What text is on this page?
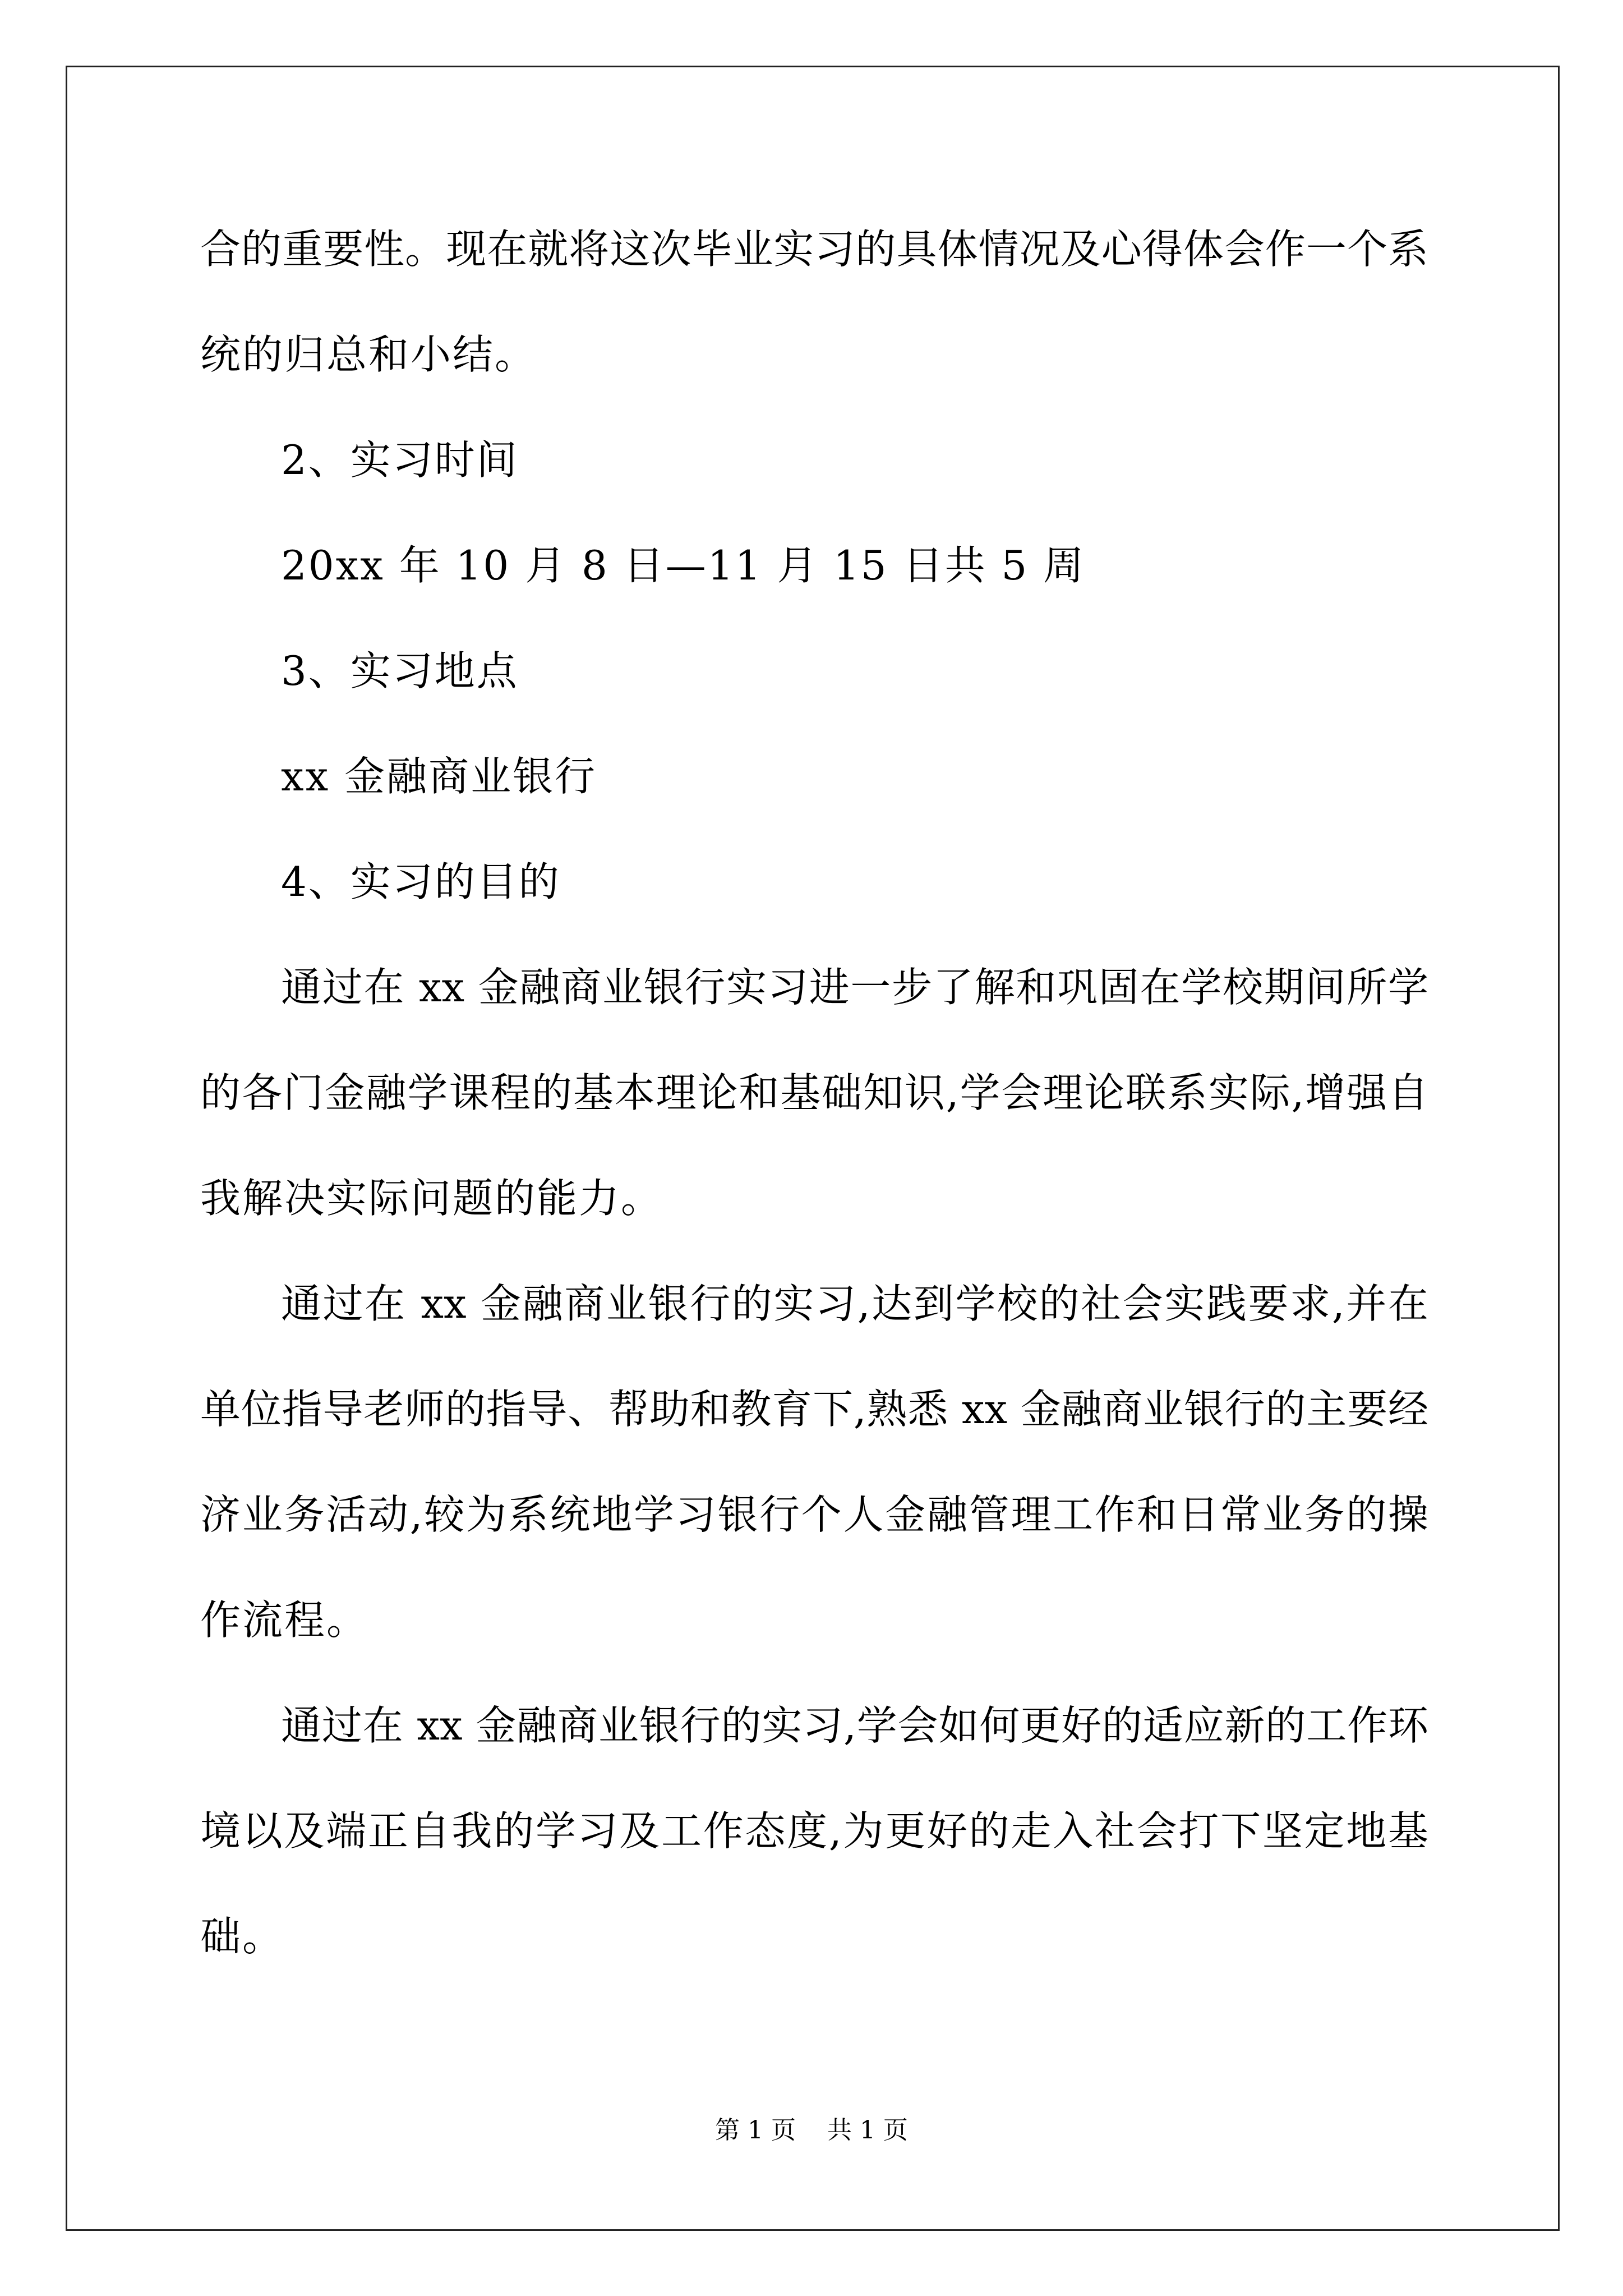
合的重要性。现在就将这次毕业实习的具体情况及心得体会作一个系
统的归总和小结。
2、实习时间
20xx 年 10 月 8 日—11 月 15 日共 5 周
3、实习地点
xx 金融商业银行
4、实习的目的
通过在 xx 金融商业银行实习进一步了解和巩固在学校期间所学
的各门金融学课程的基本理论和基础知识,学会理论联系实际,增强自
我解决实际问题的能力。
通过在 xx 金融商业银行的实习,达到学校的社会实践要求,并在
单位指导老师的指导、帮助和教育下,熟悉 xx 金融商业银行的主要经
济业务活动,较为系统地学习银行个人金融管理工作和日常业务的操
作流程。
通过在 xx 金融商业银行的实习,学会如何更好的适应新的工作环
境以及端正自我的学习及工作态度,为更好的走入社会打下坚定地基
础。
第 1 页    共 1 页
